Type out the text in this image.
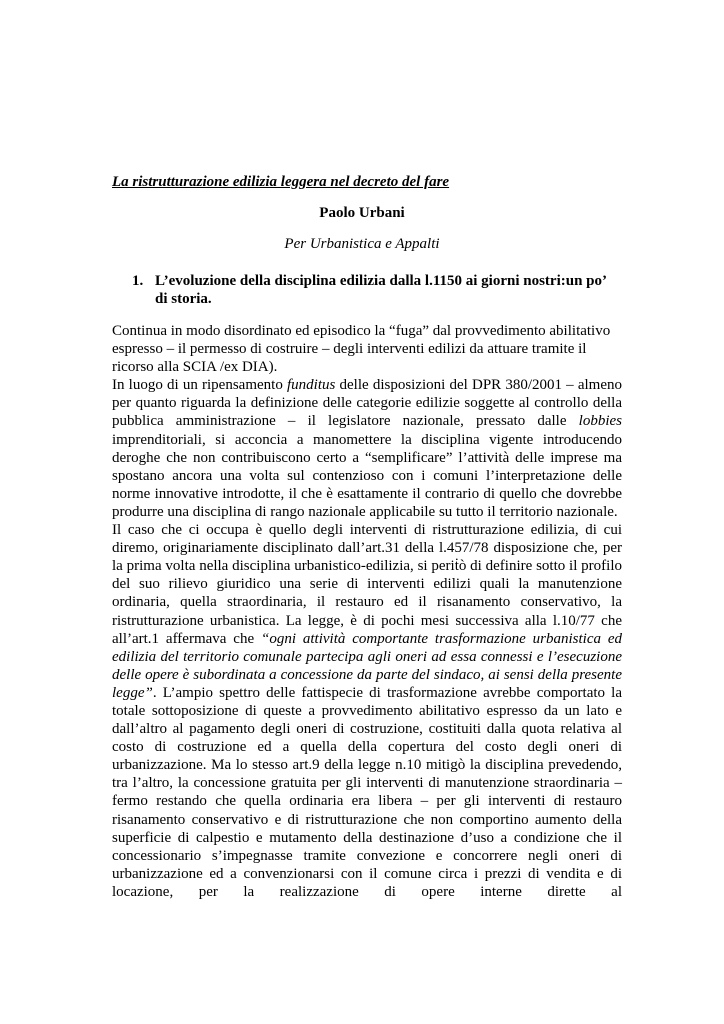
La ristrutturazione edilizia leggera nel decreto del fare

Paolo Urbani

Per Urbanistica e Appalti

1. L’evoluzione della disciplina edilizia dalla l.1150 ai giorni nostri:un po’ di storia.

Continua in modo disordinato ed episodico la “fuga” dal provvedimento abilitativo espresso – il permesso di costruire – degli interventi edilizi da attuare tramite il ricorso alla SCIA /ex DIA).

In luogo di un ripensamento funditus delle disposizioni del DPR 380/2001 – almeno per quanto riguarda la definizione delle categorie edilizie soggette al controllo della pubblica amministrazione – il legislatore nazionale, pressato dalle lobbies imprenditoriali, si acconcia a manomettere la disciplina vigente introducendo deroghe che non contribuiscono certo a “semplificare” l’attività delle imprese ma spostano ancora una volta sul contenzioso con i comuni l’interpretazione delle norme innovative introdotte, il che è esattamente il contrario di quello che dovrebbe produrre una disciplina di rango nazionale applicabile su tutto il territorio nazionale.

Il caso che ci occupa è quello degli interventi di ristrutturazione edilizia, di cui diremo, originariamente disciplinato dall’art.31 della l.457/78 disposizione che, per la prima volta nella disciplina urbanistico-edilizia, si periṫò di definire sotto il profilo del suo rilievo giuridico una serie di interventi edilizi quali la manutenzione ordinaria, quella straordinaria, il restauro ed il risanamento conservativo, la ristrutturazione urbanistica. La legge, è di pochi mesi successiva alla l.10/77 che all’art.1 affermava che “ogni attività comportante trasformazione urbanistica ed edilizia del territorio comunale partecipa agli oneri ad essa connessi e l’esecuzione delle opere è subordinata a concessione da parte del sindaco, ai sensi della presente legge”. L’ampio spettro delle fattispecie di trasformazione avrebbe comportato la totale sottoposizione di queste a provvedimento abilitativo espresso da un lato e dall’altro al pagamento degli oneri di costruzione, costituiti dalla quota relativa al costo di costruzione ed a quella della copertura del costo degli oneri di urbanizzazione. Ma lo stesso art.9 della legge n.10 mitigò la disciplina prevedendo, tra l’altro, la concessione gratuita per gli interventi di manutenzione straordinaria – fermo restando che quella ordinaria era libera – per gli interventi di restauro risanamento conservativo e di ristrutturazione che non comportino aumento della superficie di calpestio e mutamento della destinazione d’uso a condizione che il concessionario s’impegnasse tramite convezione e concorrere negli oneri di urbanizzazione ed a convenzionarsi con il comune circa i prezzi di vendita e di locazione, per la realizzazione di opere interne dirette al
